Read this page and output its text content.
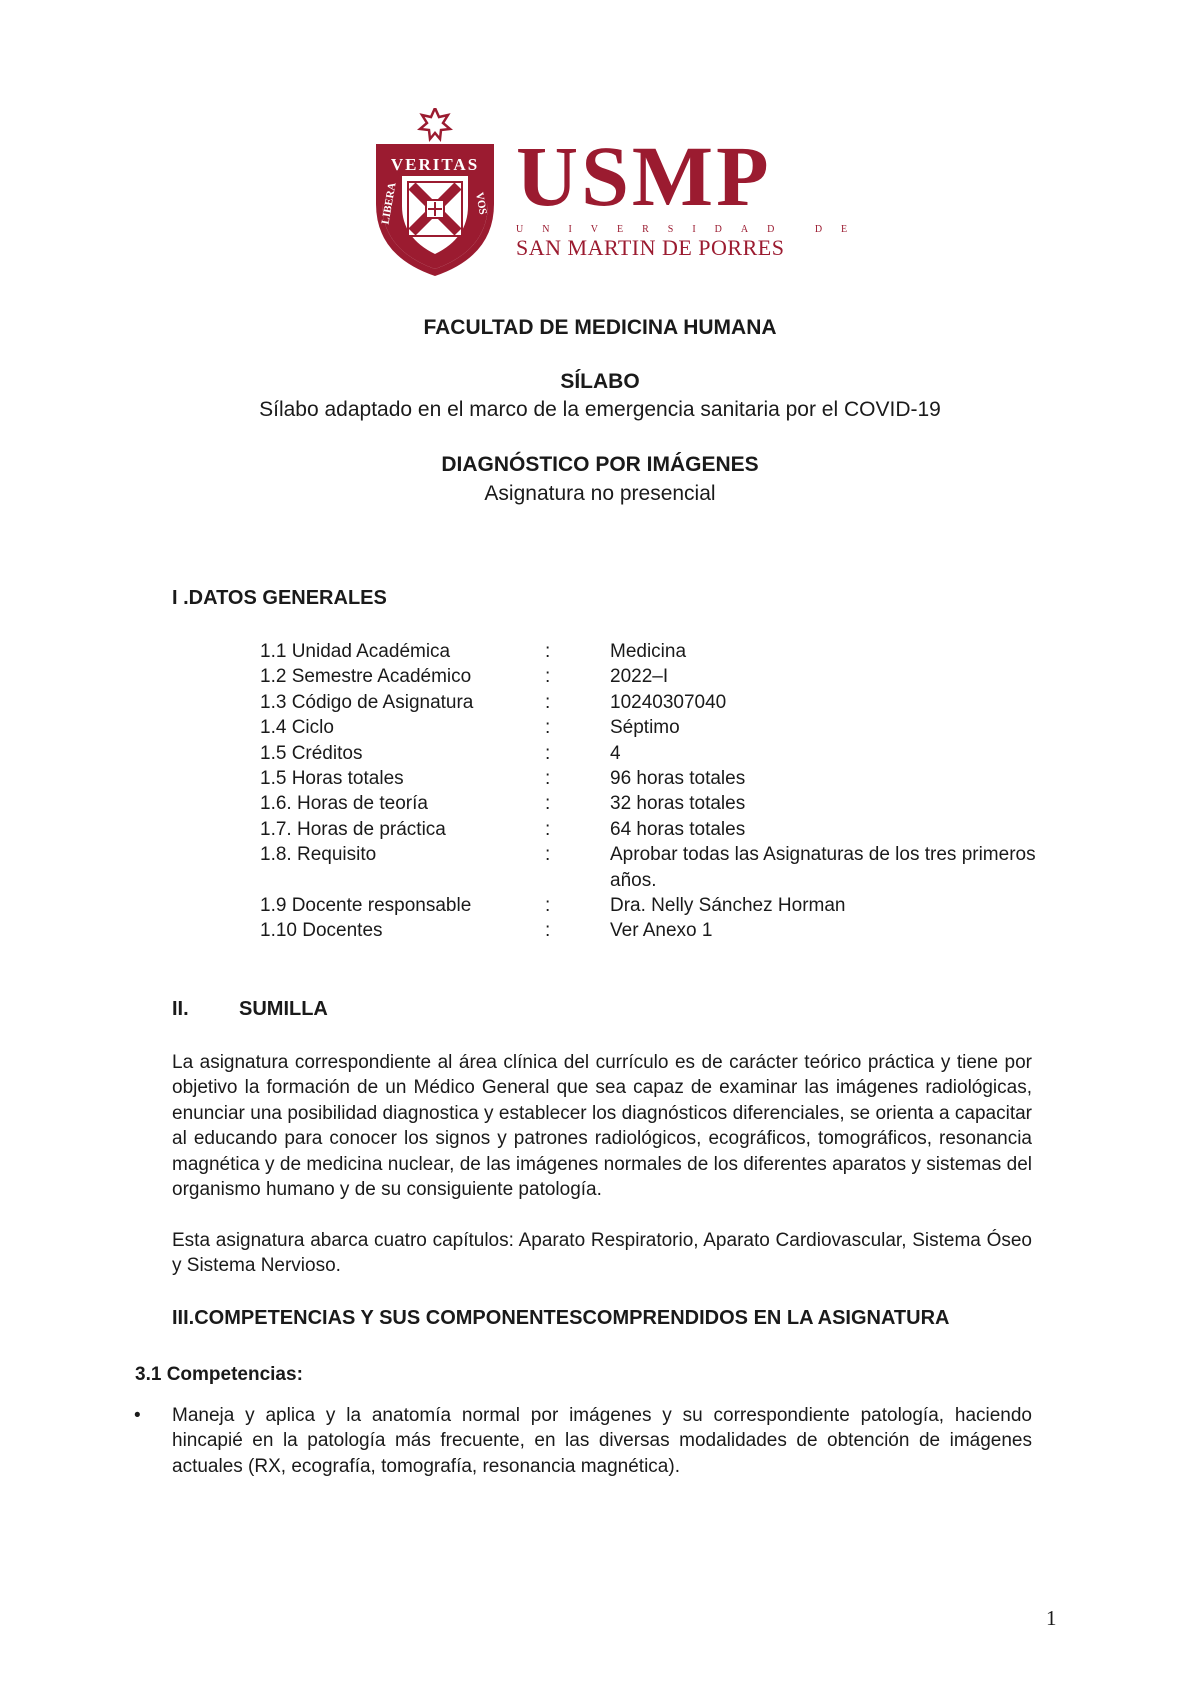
VERITAS
LIBERA
BIT
VOS USMP
UNIVERSIDAD DE
SAN MARTIN DE PORRES
FACULTAD DE MEDICINA HUMANA
SÍLABO
Sílabo adaptado en el marco de la emergencia sanitaria por el COVID-19
DIAGNÓSTICO POR IMÁGENES
Asignatura no presencial
I .DATOS GENERALES
1.1 Unidad Académica	:	Medicina
1.2 Semestre Académico	:	2022–I
1.3 Código de Asignatura	:	10240307040
1.4 Ciclo	:	Séptimo
1.5 Créditos	:	4
1.5 Horas totales	:	96 horas totales
1.6. Horas de teoría	:	32 horas totales
1.7. Horas de práctica	:	64 horas totales
1.8. Requisito	:	Aprobar todas las Asignaturas de los tres primeros años.
1.9 Docente responsable	:	Dra. Nelly Sánchez Horman
1.10 Docentes	:	Ver Anexo 1
II.	SUMILLA
La asignatura correspondiente al área clínica del currículo es de carácter teórico práctica y tiene por objetivo la formación de un Médico General que sea capaz de examinar las imágenes radiológicas, enunciar una posibilidad diagnostica y establecer los diagnósticos diferenciales, se orienta a capacitar al educando para conocer los signos y patrones radiológicos, ecográficos, tomográficos, resonancia magnética y de medicina nuclear, de las imágenes normales de los diferentes aparatos y sistemas del organismo humano y de su consiguiente patología.
Esta asignatura abarca cuatro capítulos: Aparato Respiratorio, Aparato Cardiovascular, Sistema Óseo y Sistema Nervioso.
III.COMPETENCIAS Y SUS COMPONENTESCOMPRENDIDOS EN LA ASIGNATURA
3.1 Competencias:
•	Maneja y aplica y la anatomía normal por imágenes y su correspondiente patología, haciendo hincapié en la patología más frecuente, en las diversas modalidades de obtención de imágenes actuales (RX, ecografía, tomografía, resonancia magnética).
1
